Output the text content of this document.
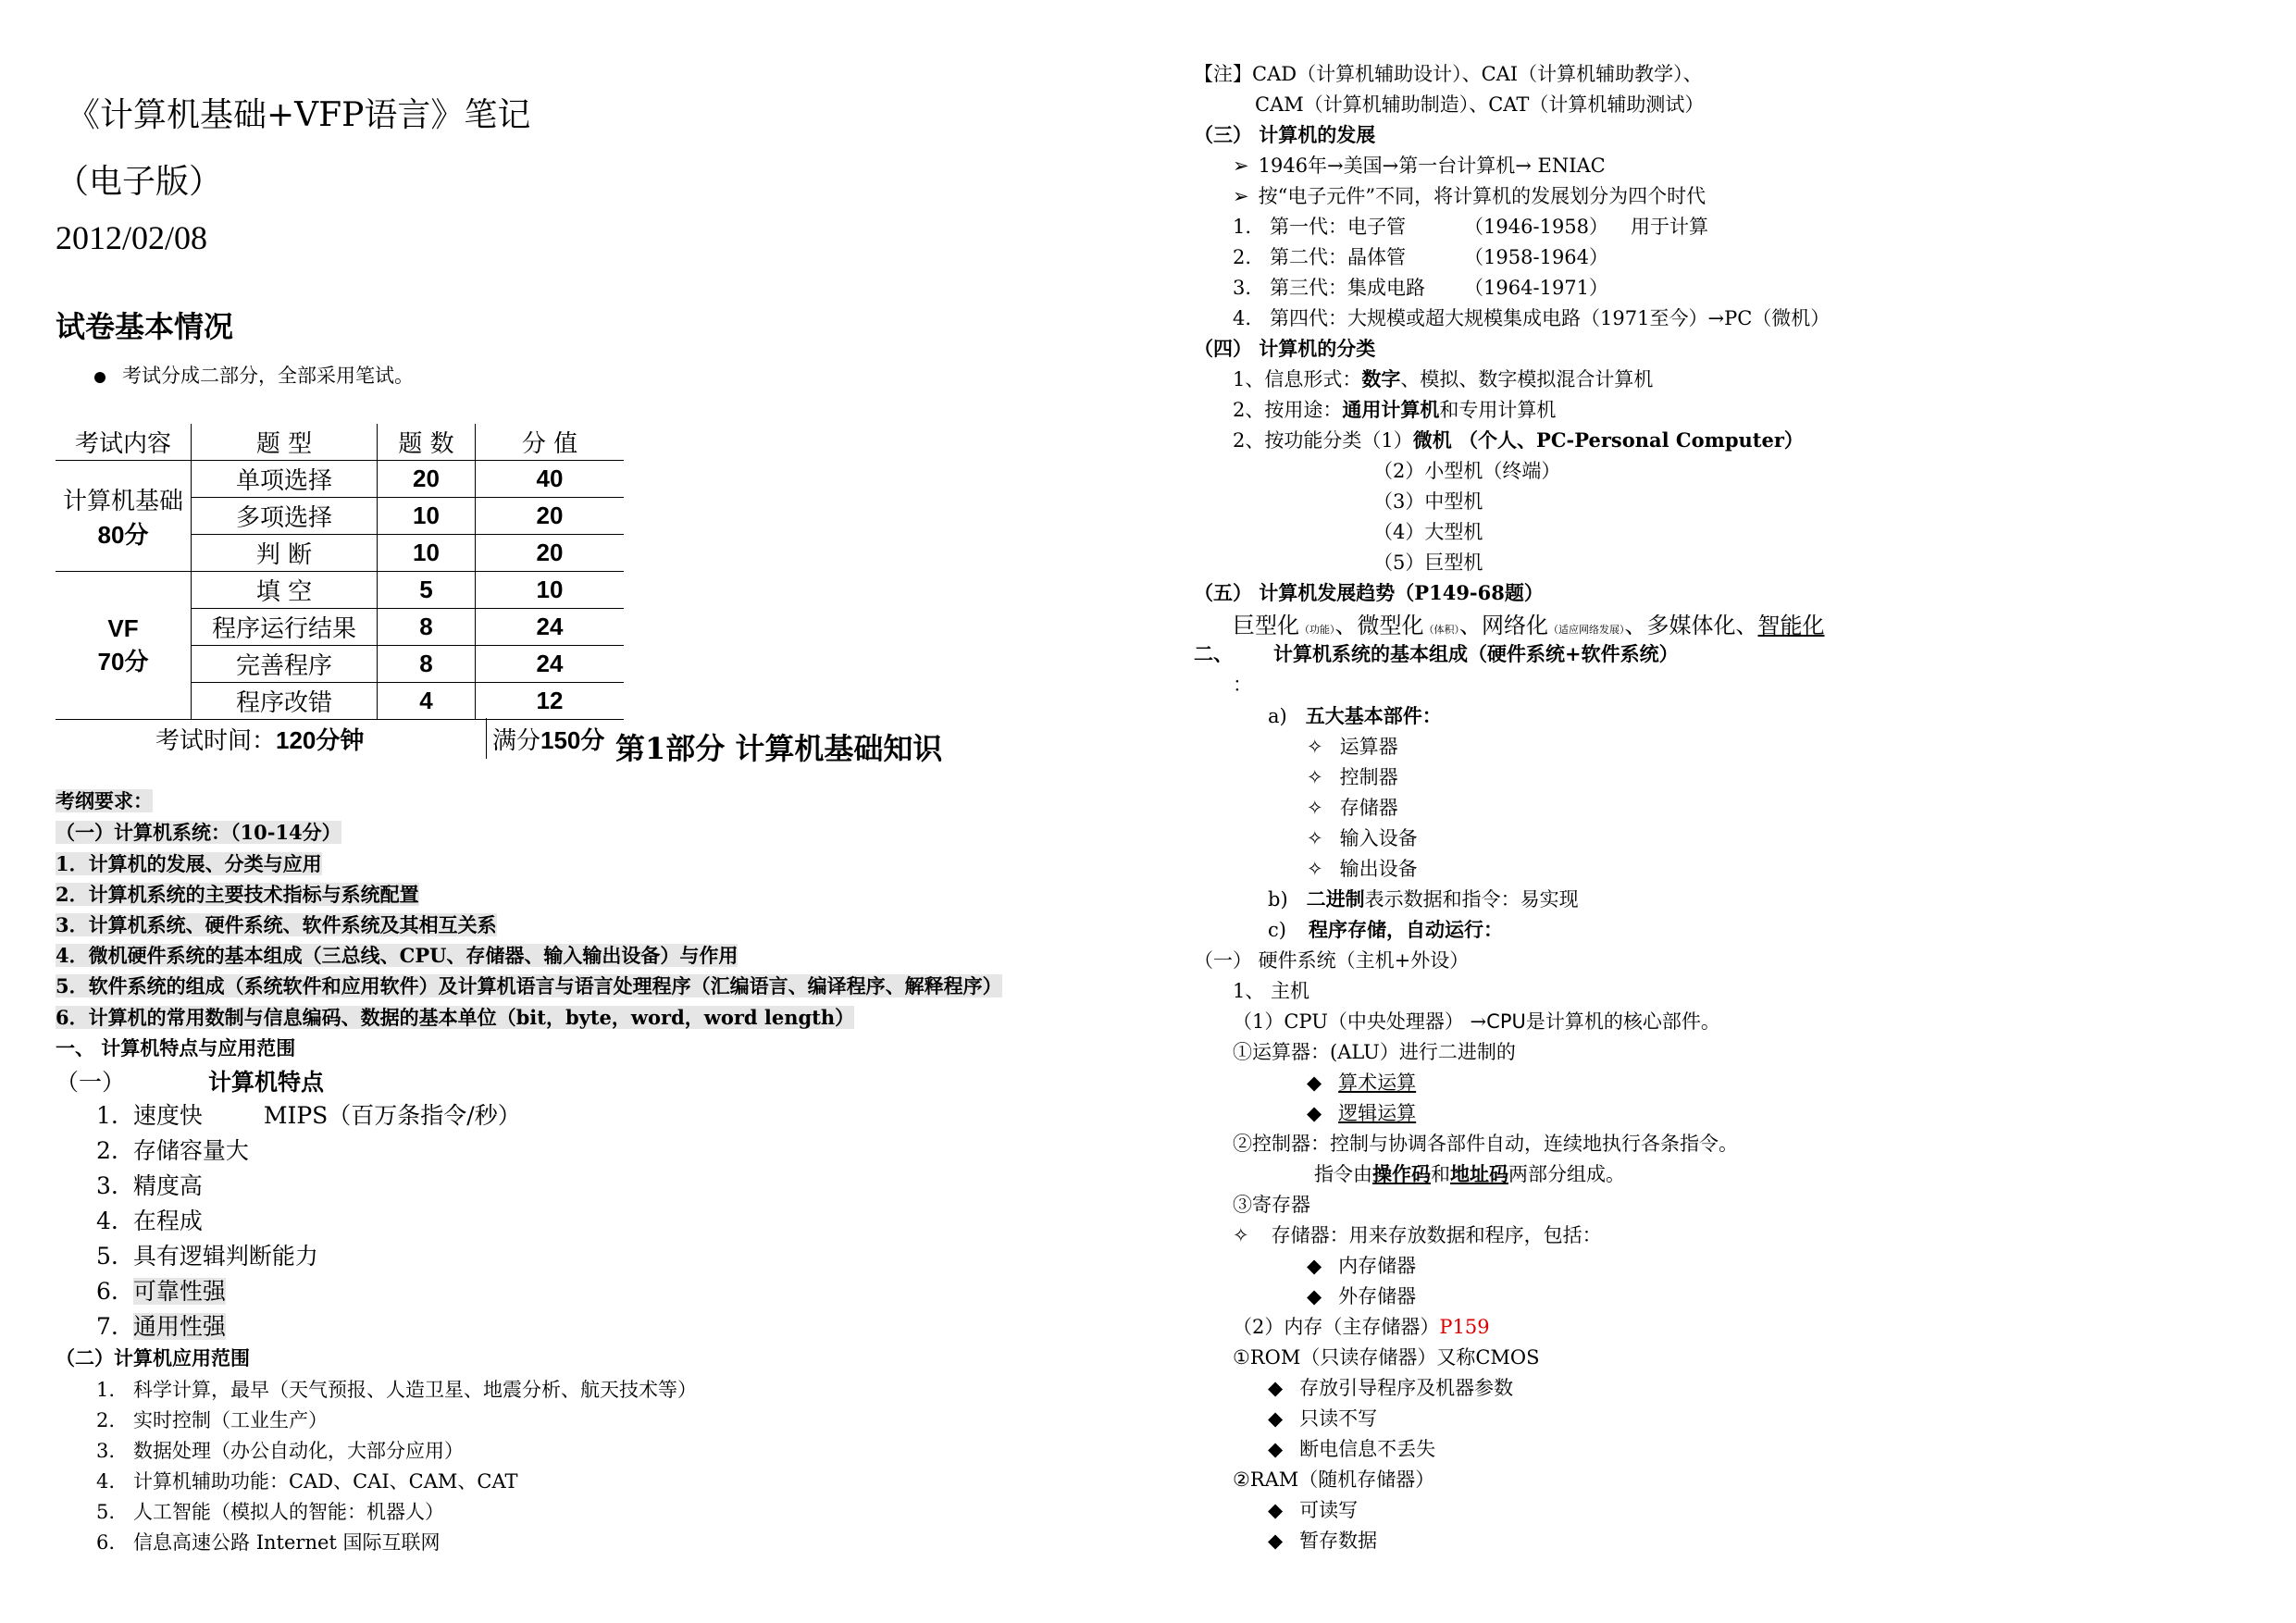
《计算机基础+VFP语言》笔记
（电子版）
2012/02/08
试卷基本情况
考试分成二部分，全部采用笔试。
考试内容	题 型	题 数	分 值

计算机基础
80分	单项选择	20	40
	多项选择	10	20
	判 断	10	20

VF
70分	填 空	5	10
	程序运行结果	8	24
	完善程序	8	24
	程序改错	4	12
考试时间：120分钟	满分150分 第1部分 计算机基础知识
考纲要求：
（一）计算机系统：（10-14分）
1．计算机的发展、分类与应用
2．计算机系统的主要技术指标与系统配置
3．计算机系统、硬件系统、软件系统及其相互关系
4．微机硬件系统的基本组成（三总线、CPU、存储器、输入输出设备）与作用
5．软件系统的组成（系统软件和应用软件）及计算机语言与语言处理程序（汇编语言、编译程序、解释程序）
6．计算机的常用数制与信息编码、数据的基本单位（bit，byte，word，word length）
一、 计算机特点与应用范围
（一）	计算机特点
1. 速度快	MIPS（百万条指令/秒）
2. 存储容量大
3. 精度高
4. 在程成
5. 具有逻辑判断能力
6. 可靠性强
7. 通用性强
（二）计算机应用范围
1. 科学计算，最早（天气预报、人造卫星、地震分析、航天技术等）
2. 实时控制（工业生产）
3. 数据处理（办公自动化，大部分应用）
4. 计算机辅助功能：CAD、CAI、CAM、CAT
5. 人工智能（模拟人的智能：机器人）
6. 信息高速公路 Internet 国际互联网
【注】CAD（计算机辅助设计）、CAI（计算机辅助教学）、
CAM（计算机辅助制造）、CAT（计算机辅助测试）
（三） 计算机的发展
➢ 1946年→美国→第一台计算机→ ENIAC
➢ 按“电子元件”不同，将计算机的发展划分为四个时代
1. 第一代：电子管	（1946-1958） 用于计算
2. 第二代：晶体管	（1958-1964）
3. 第三代：集成电路 （1964-1971）
4. 第四代：大规模或超大规模集成电路（1971至今）→PC（微机）
（四） 计算机的分类
1、信息形式：数字、模拟、数字模拟混合计算机
2、按用途：通用计算机和专用计算机
2、按功能分类（1）微机 （个人、PC-Personal Computer）
（2）小型机（终端）
（3）中型机
（4）大型机
（5）巨型机
（五） 计算机发展趋势（P149-68题）
巨型化（功能）、微型化（体积）、网络化（适应网络发展）、多媒体化、智能化
二、 计算机系统的基本组成（硬件系统+软件系统）
：
a) 五大基本部件：
✧ 运算器
✧ 控制器
✧ 存储器
✧ 输入设备
✧ 输出设备
b) 二进制表示数据和指令：易实现
c) 程序存储，自动运行：
（一） 硬件系统（主机+外设）
1、 主机
（1）CPU（中央处理器） →CPU是计算机的核心部件。
①运算器：(ALU）进行二进制的
◆ 算术运算
◆ 逻辑运算
②控制器：控制与协调各部件自动，连续地执行各条指令。
指令由操作码和地址码两部分组成。
③寄存器
✧ 存储器：用来存放数据和程序，包括：
◆ 内存储器
◆ 外存储器
（2）内存（主存储器）P159
①ROM（只读存储器）又称CMOS
◆ 存放引导程序及机器参数
◆ 只读不写
◆ 断电信息不丢失
②RAM（随机存储器）
◆ 可读写
◆ 暂存数据
